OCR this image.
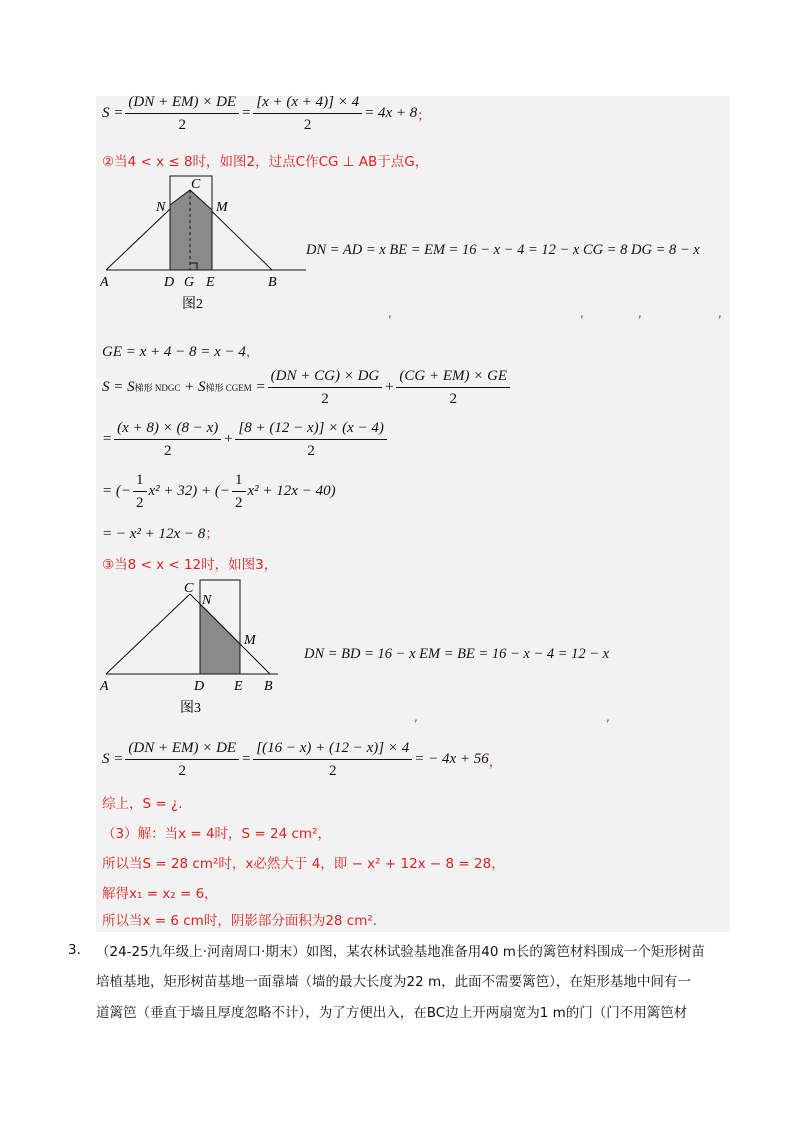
S
= $\frac{(DN + EM) \times DE}{2} = \frac{[x + (x + 4)] \times 4}{2} = 4x + 8$ ；
②当4 < x ≤ 8时，如图2，过点C作CG ⊥ AB于点G，
A	D G E	B
C
N	M
图2
DN = AD = x BE = EM = 16 − x − 4 = 12 − x CG = 8 DG = 8 − x
,	,	,	,
GE = x + 4 − 8 = x − 4，
S = S 梯形 NDGC
+ S 梯形 CGEM
= $\frac{(DN + CG) \times DG}{2} + \frac{(CG + EM) \times GE}{2}$
= $\frac{(x + 8) \times (8 - x)}{2} + \frac{[8 + (12 - x)] \times (x - 4)}{2}$
= (− $\frac{1}{2} x^2 + 32$) + (− $\frac{1}{2} x^2 + 12x - 40$)
= − x² + 12x − 8；
③当8 < x < 12时，如图3，
A	D E B
C
N
M
图3
DN = BD = 16 − x EM = BE = 16 − x − 4 = 12 − x
,	,
S
= $\frac{(DN + EM) \times DE}{2} = \frac{[(16 - x) + (12 - x)] \times 4}{2}$ = − 4x + 56 ，
综上，S = ¿.
（3）解：当x = 4时，S = 24 cm²，
所以当S = 28 cm²时，x必然大于 4，即 − x² + 12x − 8 = 28，
解得x₁ = x₂ = 6，
所以当x = 6 cm时，阴影部分面积为28 cm².
3. （24-25九年级上·河南周口·期末）如图，某农林试验基地准备用40 m长的篱笆材料围成一个矩形树苗
培植基地，矩形树苗基地一面靠墙（墙的最大长度为22 m，此面不需要篱笆），在矩形基地中间有一
道篱笆（垂直于墙且厚度忽略不计），为了方便出入，在BC边上开两扇宽为1 m的门（门不用篱笆材
